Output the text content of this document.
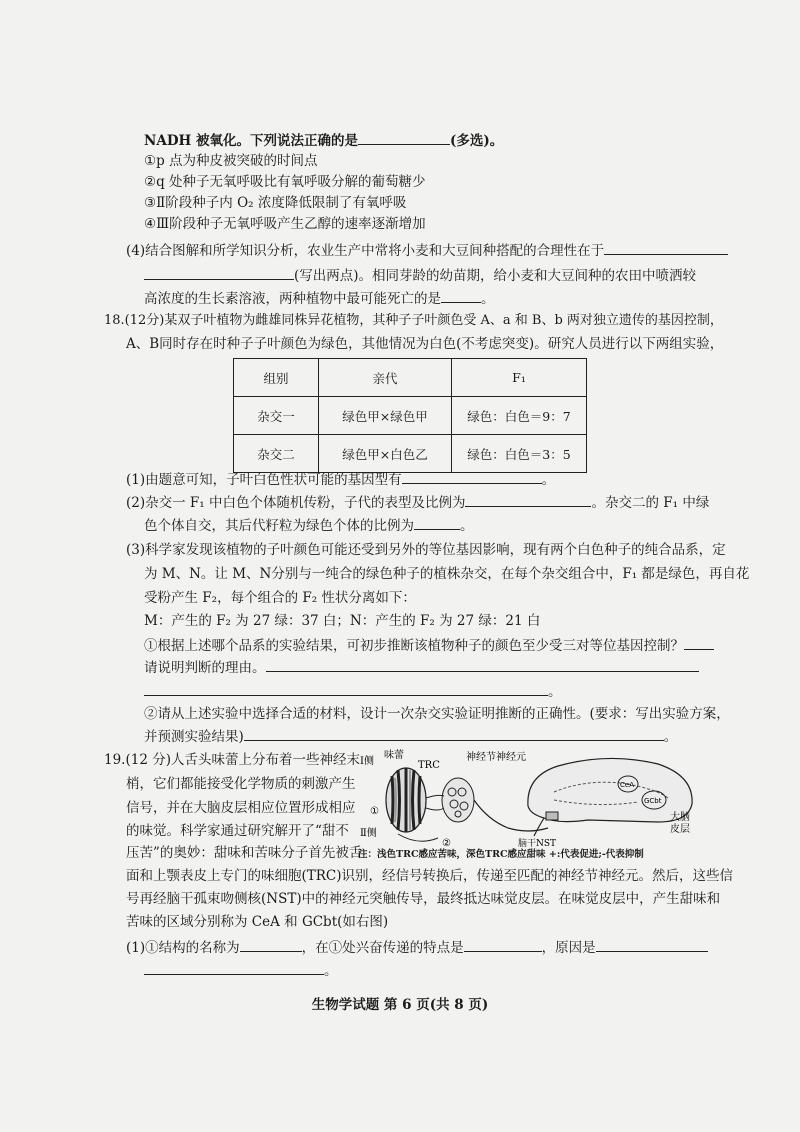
NADH 被氧化。下列说法正确的是	(多选)。
①p 点为种皮被突破的时间点
②q 处种子无氧呼吸比有氧呼吸分解的葡萄糖少
③Ⅱ阶段种子内 O₂ 浓度降低限制了有氧呼吸
④Ⅲ阶段种子无氧呼吸产生乙醇的速率逐渐增加
(4)结合图解和所学知识分析，农业生产中常将小麦和大豆间种搭配的合理性在于
(写出两点)。相同芽龄的幼苗期，给小麦和大豆间种的农田中喷洒较
高浓度的生长素溶液，两种植物中最可能死亡的是	。
18.(12分)某双子叶植物为雌雄同株异花植物，其种子子叶颜色受 A、a 和 B、b 两对独立遗传的基因控制，
A、B同时存在时种子子叶颜色为绿色，其他情况为白色(不考虑突变)。研究人员进行以下两组实验，
组别	亲代	F₁
杂交一	绿色甲×绿色甲	绿色：白色＝9：7
杂交二	绿色甲×白色乙	绿色：白色＝3：5
(1)由题意可知，子叶白色性状可能的基因型有	。
(2)杂交一 F₁ 中白色个体随机传粉，子代的表型及比例为	。杂交二的 F₁ 中绿
色个体自交，其后代籽粒为绿色个体的比例为	。
(3)科学家发现该植物的子叶颜色可能还受到另外的等位基因影响，现有两个白色种子的纯合品系，定
为 M、N。让 M、N分别与一纯合的绿色种子的植株杂交，在每个杂交组合中，F₁ 都是绿色，再自花
受粉产生 F₂，每个组合的 F₂ 性状分离如下：
M：产生的 F₂ 为 27 绿：37 白；N：产生的 F₂ 为 27 绿：21 白
①根据上述哪个品系的实验结果，可初步推断该植物种子的颜色至少受三对等位基因控制？
请说明判断的理由。
。
②请从上述实验中选择合适的材料，设计一次杂交实验证明推断的正确性。(要求：写出实验方案，
并预测实验结果)	。
19.(12 分)人舌头味蕾上分布着一些神经末
梢，它们都能接受化学物质的刺激产生
信号，并在大脑皮层相应位置形成相应
的味觉。科学家通过研究解开了“甜不
压苦”的奥妙：甜味和苦味分子首先被舌
面和上颚表皮上专门的味细胞(TRC)识别，经信号转换后，传递至匹配的神经节神经元。然后，这些信
号再经脑干孤束吻侧核(NST)中的神经元突触传导，最终抵达味觉皮层。在味觉皮层中，产生甜味和
苦味的区域分别称为 CeA 和 GCbt(如右图)
(1)①结构的名称为	，在①处兴奋传递的特点是	，原因是
。
Ⅰ侧
Ⅱ侧
味蕾
TRC
神经节神经元
①
②
CeA
GCbt
大脑
皮层
脑干NST
注：浅色TRC感应苦味，深色TRC感应甜味 +:代表促进;-代表抑制
生物学试题 第 6 页(共 8 页)
